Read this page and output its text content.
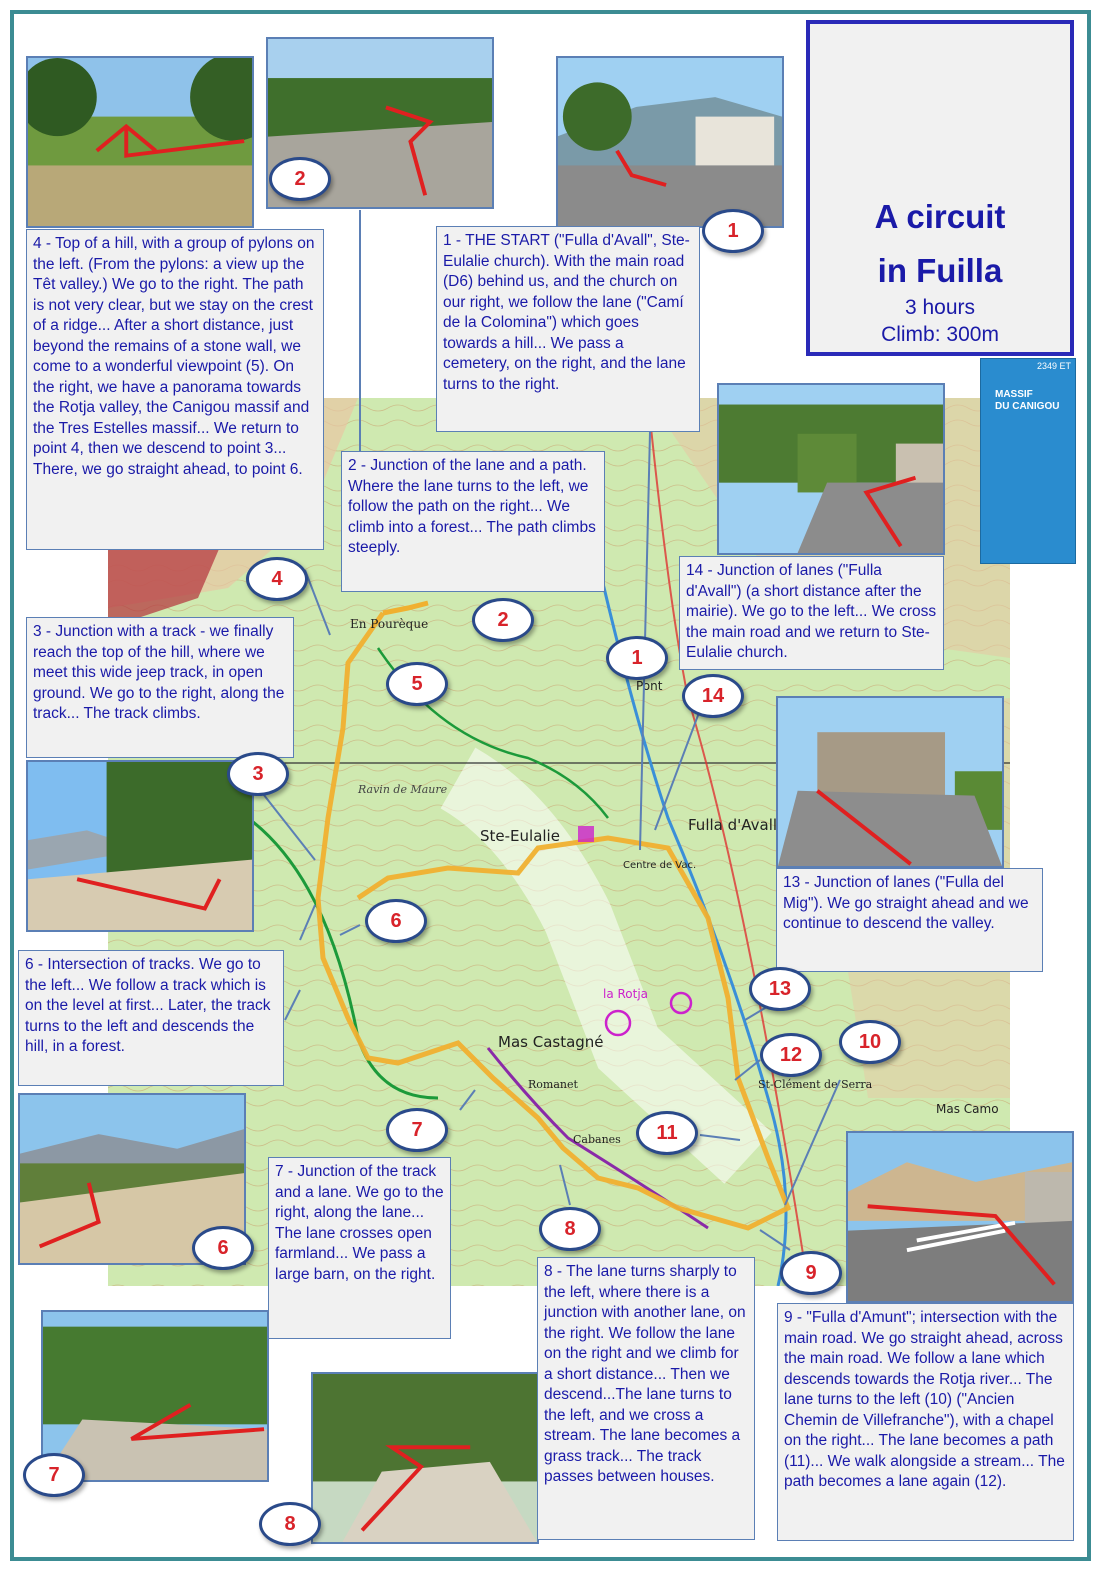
Ste-Eulalie
Fulla d'Avall
Mas Castagné
En Pourèque
Ravin de Maure
la Rotja
St-Clément de Serra
Mas Camo
Romanet
Cabanes
Pont
Centre de Vac.
2349 ET
MASSIF
DU CANIGOU
A circuit
in Fuilla
3 hours
Climb: 300m
4 - Top of a hill, with a group of pylons on the left. (From the pylons: a view up the Têt valley.) We go to the right. The path is not very clear, but we stay on the crest of a ridge... After a short distance, just beyond the remains of a stone wall, we come to a wonderful viewpoint (5). On the right, we have a panorama towards the Rotja valley, the Canigou massif and the Tres Estelles massif... We return to point 4, then we descend to point 3... There, we go straight ahead, to point 6.
1 - THE START ("Fulla d'Avall", Ste-Eulalie church). With the main road (D6) behind us, and the church on our right, we follow the lane ("Camí de la Colomina") which goes towards a hill... We pass a cemetery, on the right, and the lane turns to the right.
2 - Junction of the lane and a path. Where the lane turns to the left, we follow the path on the right... We climb into a forest... The path climbs steeply.
14 - Junction of lanes ("Fulla d'Avall") (a short distance after the mairie). We go to the left... We cross the main road and we return to Ste-Eulalie church.
3 - Junction with a track - we finally reach the top of the hill, where we meet this wide jeep track, in open ground. We go to the right, along the track... The track climbs.
13 - Junction of lanes ("Fulla del Mig"). We go straight ahead and we continue to descend the valley.
6 - Intersection of tracks. We go to the left... We follow a track which is on the level at first... Later, the track turns to the left and descends the hill, in a forest.
7 - Junction of the track and a lane. We go to the right, along the lane... The lane crosses open farmland... We pass a large barn, on the right.	8 - The lane turns sharply to the left, where there is a junction with another lane, on the right. We follow the lane on the right and we climb for a short distance... Then we descend...The lane turns to the left, and we cross a stream. The lane becomes a grass track... The track passes between houses.
9 - "Fulla d'Amunt"; intersection with the main road. We go straight ahead, across the main road. We follow a lane which descends towards the Rotja river... The lane turns to the left (10) ("Ancien Chemin de Villefranche"), with a chapel on the right... The lane becomes a path (11)... We walk alongside a stream... The path becomes a lane again (12).
1
2
3
4
5
6
7
8
9
10
11
12
13
14
1
2
6
7
8
